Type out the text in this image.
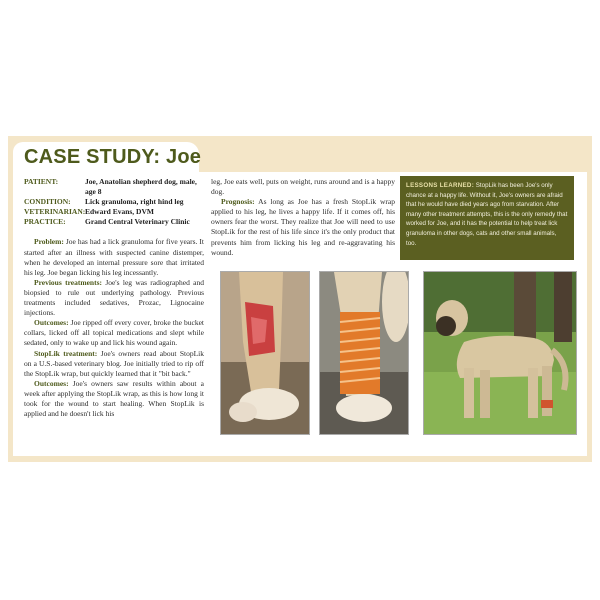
CASE STUDY: Joe
PATIENT:	Joe, Anatolian shepherd dog, male, age 8
CONDITION:	Lick granuloma, right hind leg
VETERINARIAN: Edward Evans, DVM
PRACTICE:	Grand Central Veterinary Clinic

Problem: Joe has had a lick granuloma for five years. It started after an illness with suspected canine distemper, when he developed an internal pressure sore that irritated his leg. Joe began licking his leg incessantly.

Previous treatments: Joe's leg was radiographed and biopsied to rule out underlying pathology. Previous treatments included sedatives, Prozac, Lignocaine injections.

Outcomes: Joe ripped off every cover, broke the bucket collars, licked off all topical medications and slept while sedated, only to wake up and lick his wound again.

StopLik treatment: Joe's owners read about StopLik on a U.S.-based veterinary blog. Joe initially tried to rip off the StopLik wrap, but quickly learned that it "bit back."

Outcomes: Joe's owners saw results within about a week after applying the StopLik wrap, as this is how long it took for the wound to start healing. When StopLik is applied and he doesn't lick his

leg, Joe eats well, puts on weight, runs around and is a happy dog.

Prognosis: As long as Joe has a fresh StopLik wrap applied to his leg, he lives a happy life. If it comes off, his owners fear the worst. They realize that Joe will need to use StopLik for the rest of his life since it's the only product that prevents him from licking his leg and re-aggravating his wound.

LESSONS LEARNED: StopLik has been Joe's only chance at a happy life. Without it, Joe's owners are afraid that he would have died years ago from starvation. After many other treatment attempts, this is the only remedy that worked for Joe, and it has the potential to help treat lick granuloma in other dogs, cats and other small animals, too.
